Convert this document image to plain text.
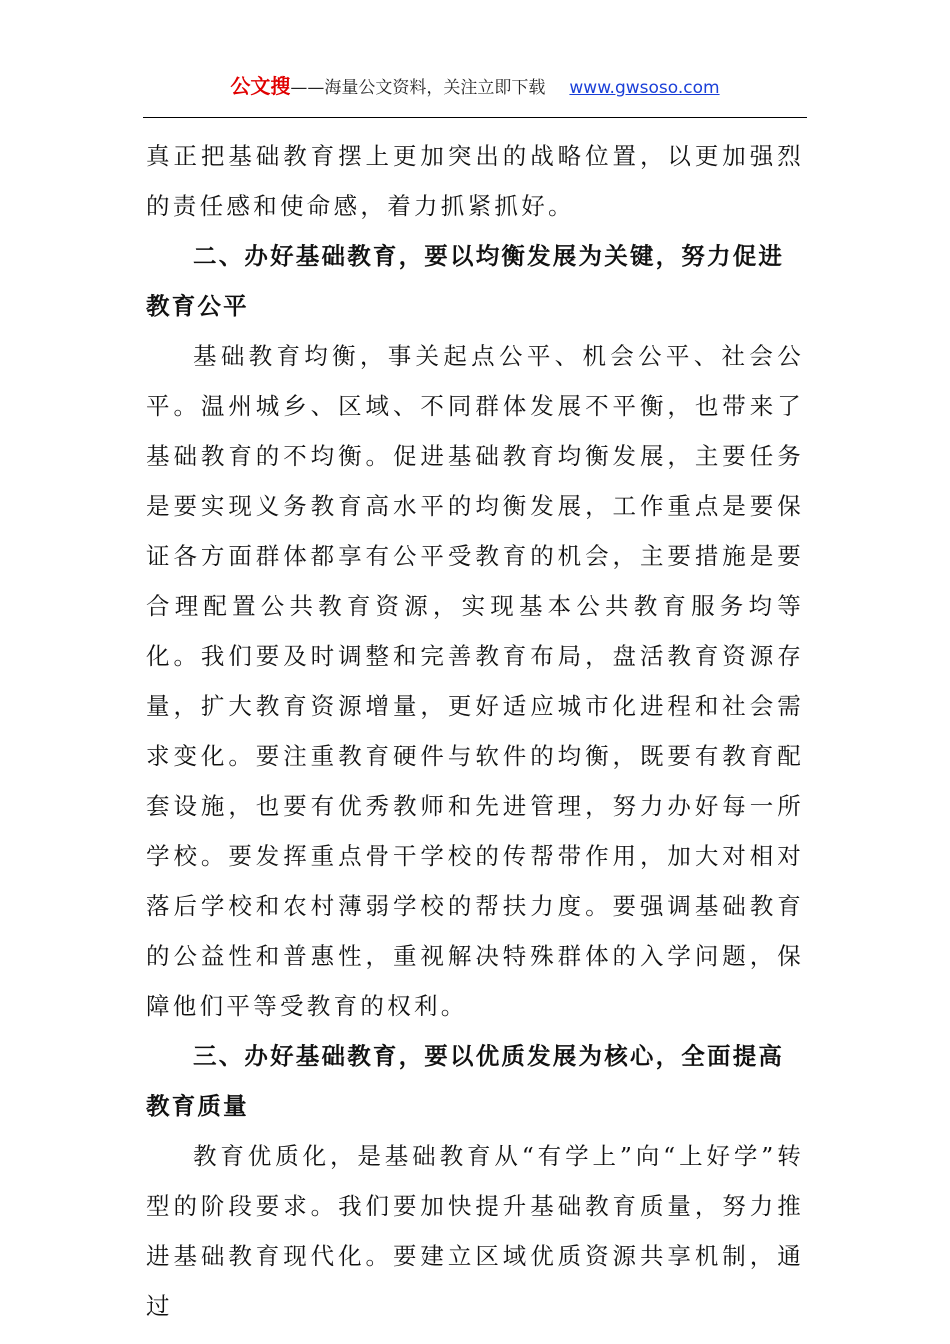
公文搜——海量公文资料，关注立即下载 www.gwsoso.com

真正把基础教育摆上更加突出的战略位置，以更加强烈的责任感和使命感，着力抓紧抓好。

二、办好基础教育，要以均衡发展为关键，努力促进教育公平

基础教育均衡，事关起点公平、机会公平、社会公平。温州城乡、区域、不同群体发展不平衡，也带来了基础教育的不均衡。促进基础教育均衡发展，主要任务是要实现义务教育高水平的均衡发展，工作重点是要保证各方面群体都享有公平受教育的机会，主要措施是要合理配置公共教育资源，实现基本公共教育服务均等化。我们要及时调整和完善教育布局，盘活教育资源存量，扩大教育资源增量，更好适应城市化进程和社会需求变化。要注重教育硬件与软件的均衡，既要有教育配套设施，也要有优秀教师和先进管理，努力办好每一所学校。要发挥重点骨干学校的传帮带作用，加大对相对落后学校和农村薄弱学校的帮扶力度。要强调基础教育的公益性和普惠性，重视解决特殊群体的入学问题，保障他们平等受教育的权利。

三、办好基础教育，要以优质发展为核心，全面提高教育质量

教育优质化，是基础教育从“有学上”向“上好学”转型的阶段要求。我们要加快提升基础教育质量，努力推进基础教育现代化。要建立区域优质资源共享机制，通过
